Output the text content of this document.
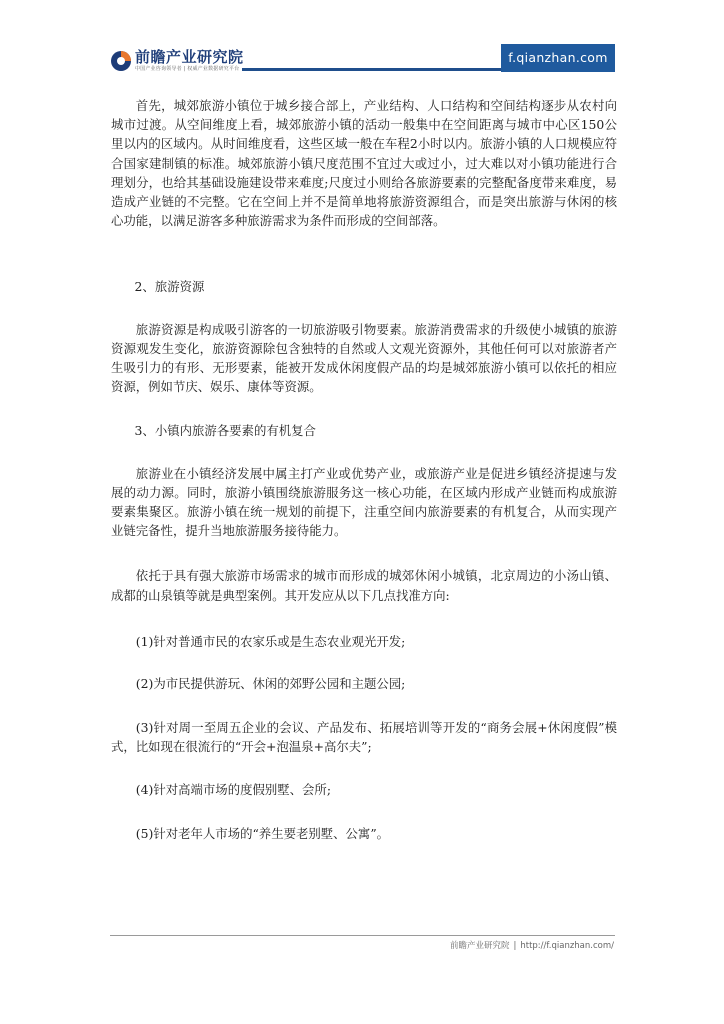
前瞻产业研究院
中国产业咨询领导者 | 权威产业数据研究平台
f.qianzhan.com

首先，城郊旅游小镇位于城乡接合部上，产业结构、人口结构和空间结构逐步从农村向城市过渡。从空间维度上看，城郊旅游小镇的活动一般集中在空间距离与城市中心区150公里以内的区域内。从时间维度看，这些区域一般在车程2小时以内。旅游小镇的人口规模应符合国家建制镇的标准。城郊旅游小镇尺度范围不宜过大或过小，过大难以对小镇功能进行合理划分，也给其基础设施建设带来难度;尺度过小则给各旅游要素的完整配备度带来难度，易造成产业链的不完整。它在空间上并不是简单地将旅游资源组合，而是突出旅游与休闲的核心功能，以满足游客多种旅游需求为条件而形成的空间部落。

2、旅游资源

旅游资源是构成吸引游客的一切旅游吸引物要素。旅游消费需求的升级使小城镇的旅游资源观发生变化，旅游资源除包含独特的自然或人文观光资源外，其他任何可以对旅游者产生吸引力的有形、无形要素，能被开发成休闲度假产品的均是城郊旅游小镇可以依托的相应资源，例如节庆、娱乐、康体等资源。

3、小镇内旅游各要素的有机复合

旅游业在小镇经济发展中属主打产业或优势产业，或旅游产业是促进乡镇经济提速与发展的动力源。同时，旅游小镇围绕旅游服务这一核心功能，在区域内形成产业链而构成旅游要素集聚区。旅游小镇在统一规划的前提下，注重空间内旅游要素的有机复合，从而实现产业链完备性，提升当地旅游服务接待能力。

依托于具有强大旅游市场需求的城市而形成的城郊休闲小城镇，北京周边的小汤山镇、成都的山泉镇等就是典型案例。其开发应从以下几点找准方向:

(1)针对普通市民的农家乐或是生态农业观光开发;

(2)为市民提供游玩、休闲的郊野公园和主题公园;

(3)针对周一至周五企业的会议、产品发布、拓展培训等开发的“商务会展+休闲度假”模 式，比如现在很流行的“开会+泡温泉+高尔夫”;

(4)针对高端市场的度假别墅、会所;

(5)针对老年人市场的“养生要老别墅、公寓”。

前瞻产业研究院 | http://f.qianzhan.com/
